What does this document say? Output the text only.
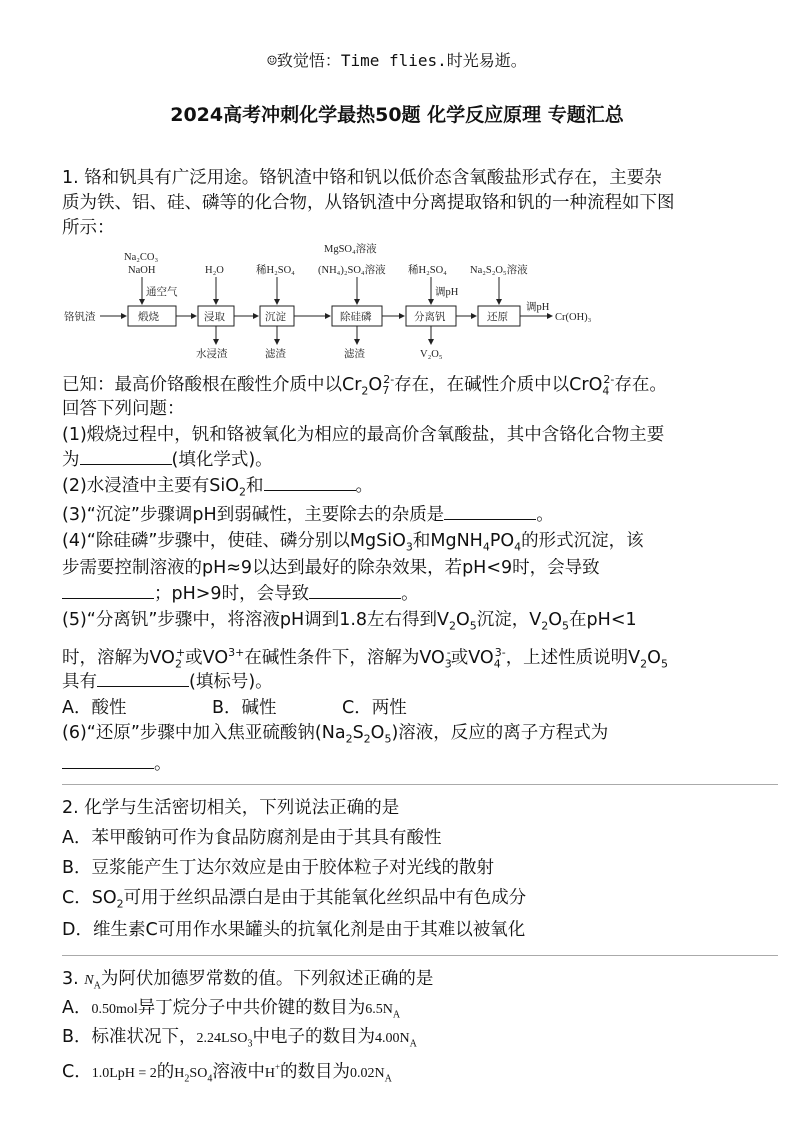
☺致觉悟：Time flies.时光易逝。
2024高考冲刺化学最热50题 化学反应原理 专题汇总
1. 铬和钒具有广泛用途。铬钒渣中铬和钒以低价态含氧酸盐形式存在，主要杂
质为铁、铝、硅、磷等的化合物，从铬钒渣中分离提取铬和钒的一种流程如下图
所示：
铬钒渣	煅烧	浸取	沉淀	除硅磷	分离钒	还原	Cr(OH)₃
Na₂CO₃
NaOH	H₂O	稀H₂SO₄
MgSO₄溶液
(NH₄)₂SO₄溶液 稀H₂SO₄ Na₂S₂O₅溶液
通空气	调pH
调pH
水浸渣	滤渣	滤渣	V₂O₅
已知：最高价铬酸根在酸性介质中以$Cr_2O_7^{2-}$存在，在碱性介质中以CrO$_4^{2-}$存在。
回答下列问题：
(1)煅烧过程中，钒和铬被氧化为相应的最高价含氧酸盐，其中含铬化合物主要
为	(填化学式)。
(2)水浸渣中主要有SiO$_2$和	。
(3)“沉淀”步骤调pH到弱碱性，主要除去的杂质是	。
(4)“除硅磷”步骤中，使硅、磷分别以MgSiO$_3$和$MgNH_4PO_4$的形式沉淀，该
步需要控制溶液的pH≈9以达到最好的除杂效果，若pH<9时，会导致
；pH>9时，会导致	。
(5)“分离钒”步骤中，将溶液pH调到1.8左右得到$V_2O_5$沉淀，$V_2O_5$在pH<1
时，溶解为$VO_2^+$或$VO^{3+}$在碱性条件下，溶解为$VO_3^-$或$VO_4^{3-}$，上述性质说明$V_2O_5$
具有	(填标号)。
A．酸性	B．碱性	C．两性
(6)“还原”步骤中加入焦亚硫酸钠$(Na_2S_2O_5)$溶液，反应的离子方程式为
。
2. 化学与生活密切相关，下列说法正确的是
A．苯甲酸钠可作为食品防腐剂是由于其具有酸性
B．豆浆能产生丁达尔效应是由于胶体粒子对光线的散射
C．$SO_2$可用于丝织品漂白是由于其能氧化丝织品中有色成分
D．维生素C可用作水果罐头的抗氧化剂是由于其难以被氧化
3. $N_A$为阿伏加德罗常数的值。下列叙述正确的是
A．0.50mol异丁烷分子中共价键的数目为$6.5N_A$
B．标准状况下，$2.24LSO_3$中电子的数目为$4.00N_A$
C．1.0LpH = 2的$H_2SO_4$溶液中H+的数目为$0.02N_A$
